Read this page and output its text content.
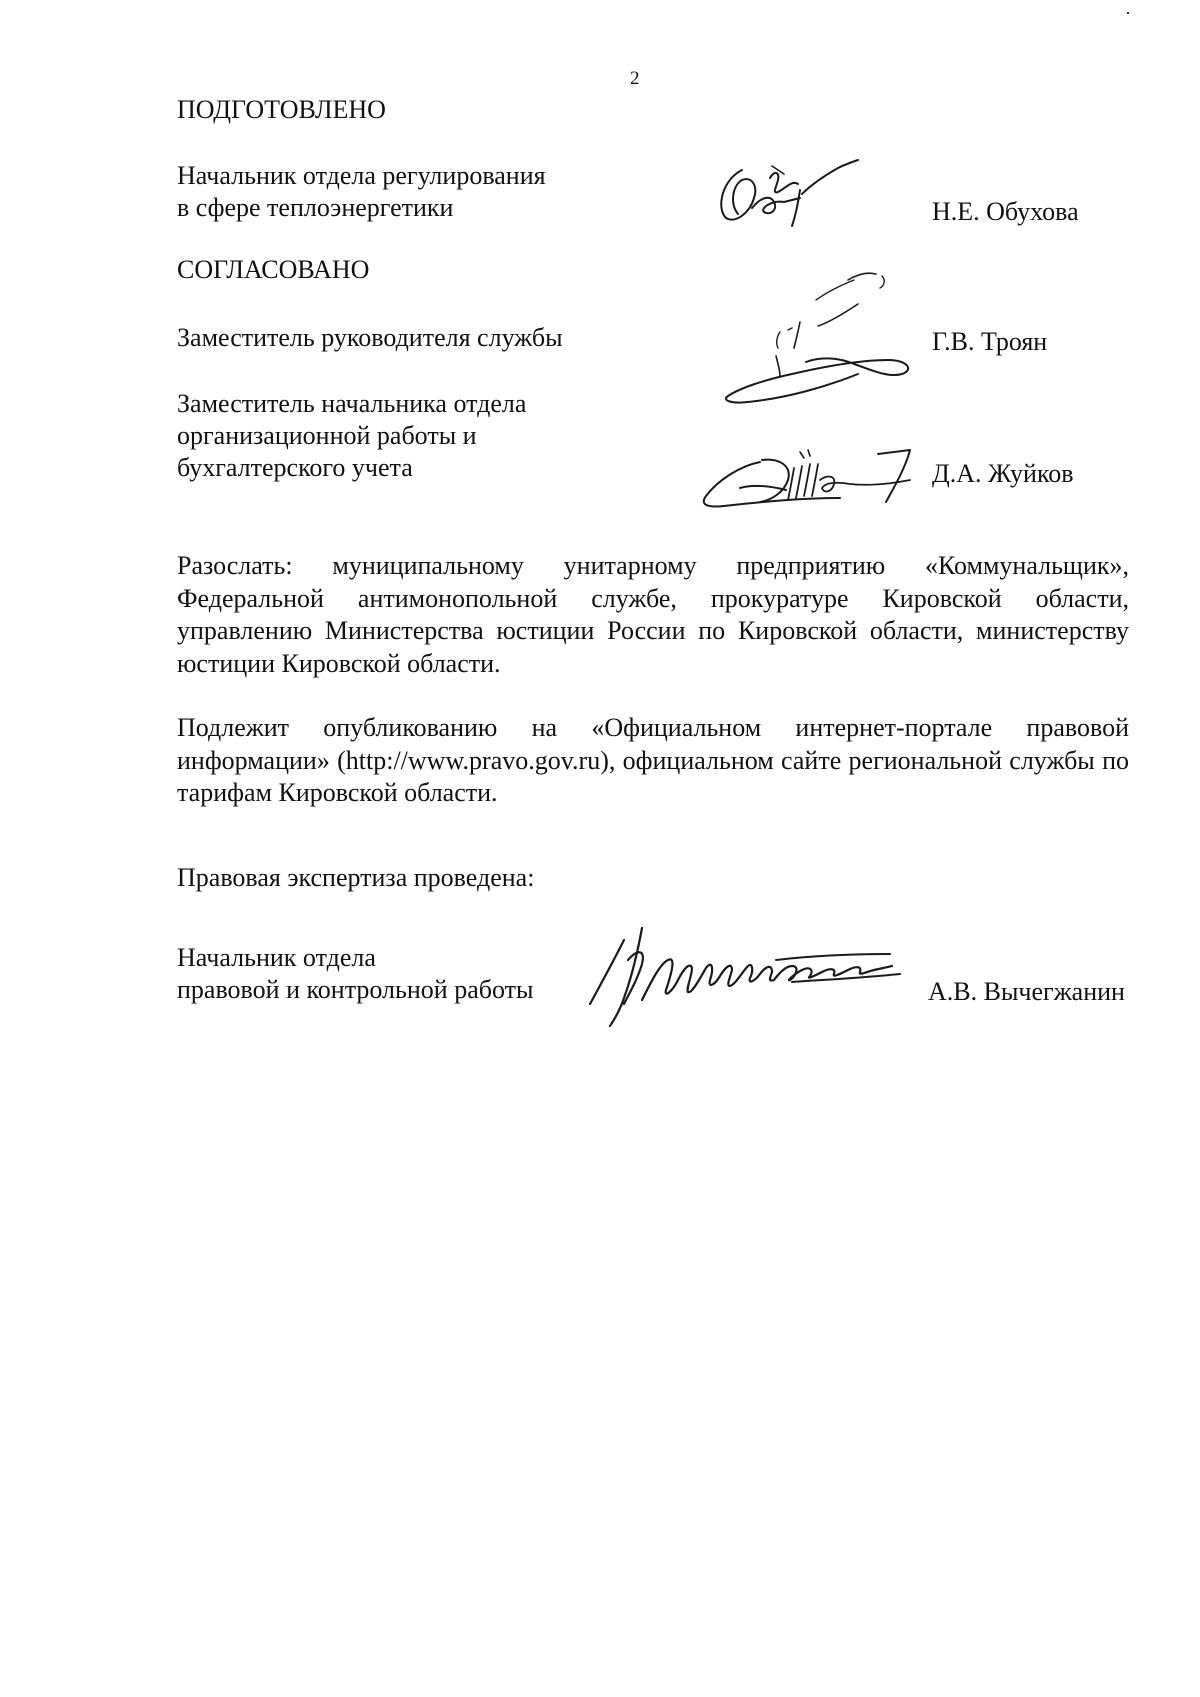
2
ПОДГОТОВЛЕНО
Начальник отдела регулирования
в сфере теплоэнергетики	Н.Е. Обухова
СОГЛАСОВАНО
Заместитель руководителя службы	Г.В. Троян
Заместитель начальника отдела
организационной работы и
бухгалтерского учета	Д.А. Жуйков
Разослать: муниципальному унитарному предприятию «Коммунальщик», Федеральной антимонопольной службе, прокуратуре Кировской области, управлению Министерства юстиции России по Кировской области, министерству юстиции Кировской области.
Подлежит опубликованию на «Официальном интернет-портале правовой информации» (http://www.pravo.gov.ru), официальном сайте региональной службы по тарифам Кировской области.
Правовая экспертиза проведена:
Начальник отдела
правовой и контрольной работы	А.В. Вычегжанин
